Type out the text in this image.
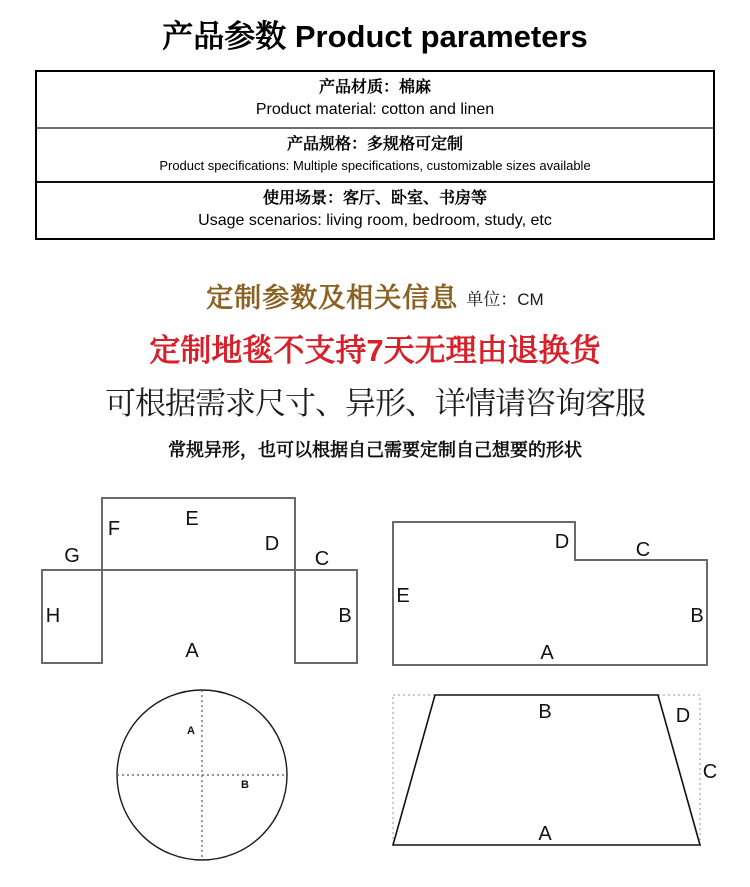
产品参数 Product parameters
产品材质：棉麻
Product material: cotton and linen
产品规格：多规格可定制
Product specifications: Multiple specifications, customizable sizes available
使用场景：客厅、卧室、书房等
Usage scenarios: living room, bedroom, study, etc
定制参数及相关信息 单位：CM
定制地毯不支持7天无理由退换货
可根据需求尺寸、异形、详情请咨询客服
常规异形，也可以根据自己需要定制自己想要的形状
E
D
C
B
A
H
G
F
D	C
B
A
E
A
B
B	D
C
A
